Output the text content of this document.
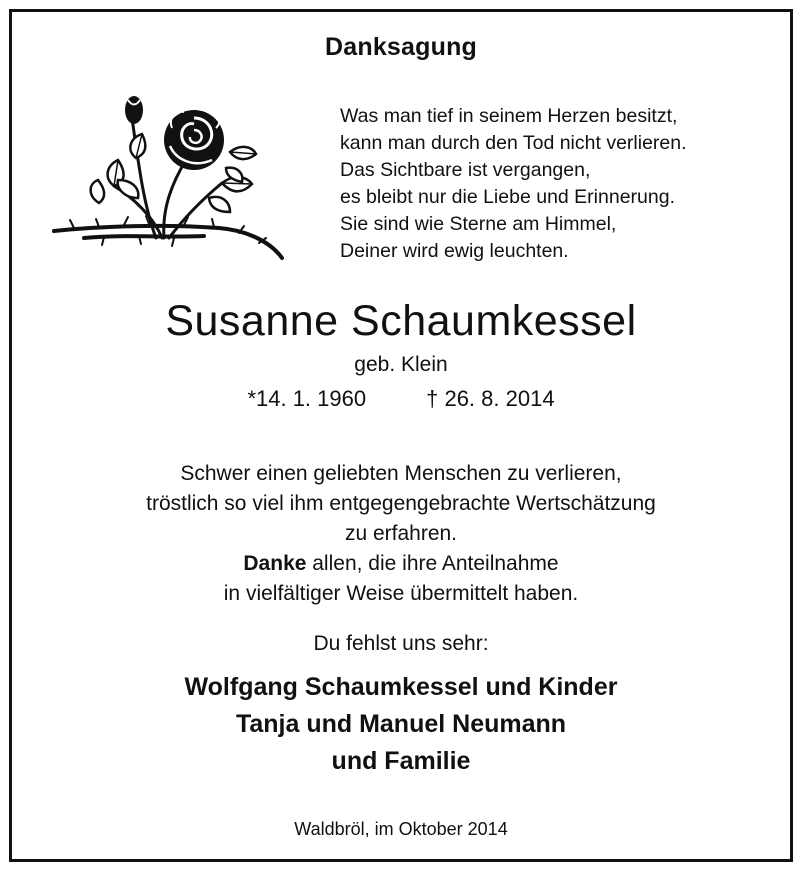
Danksagung
Was man tief in seinem Herzen besitzt,
kann man durch den Tod nicht verlieren.
Das Sichtbare ist vergangen,
es bleibt nur die Liebe und Erinnerung.
Sie sind wie Sterne am Himmel,
Deiner wird ewig leuchten.
Susanne Schaumkessel
geb. Klein
*14. 1. 1960	† 26. 8. 2014
Schwer einen geliebten Menschen zu verlieren,
tröstlich so viel ihm entgegengebrachte Wertschätzung
zu erfahren.
Danke allen, die ihre Anteilnahme
in vielfältiger Weise übermittelt haben.
Du fehlst uns sehr:
Wolfgang Schaumkessel und Kinder
Tanja und Manuel Neumann
und Familie
Waldbröl, im Oktober 2014
